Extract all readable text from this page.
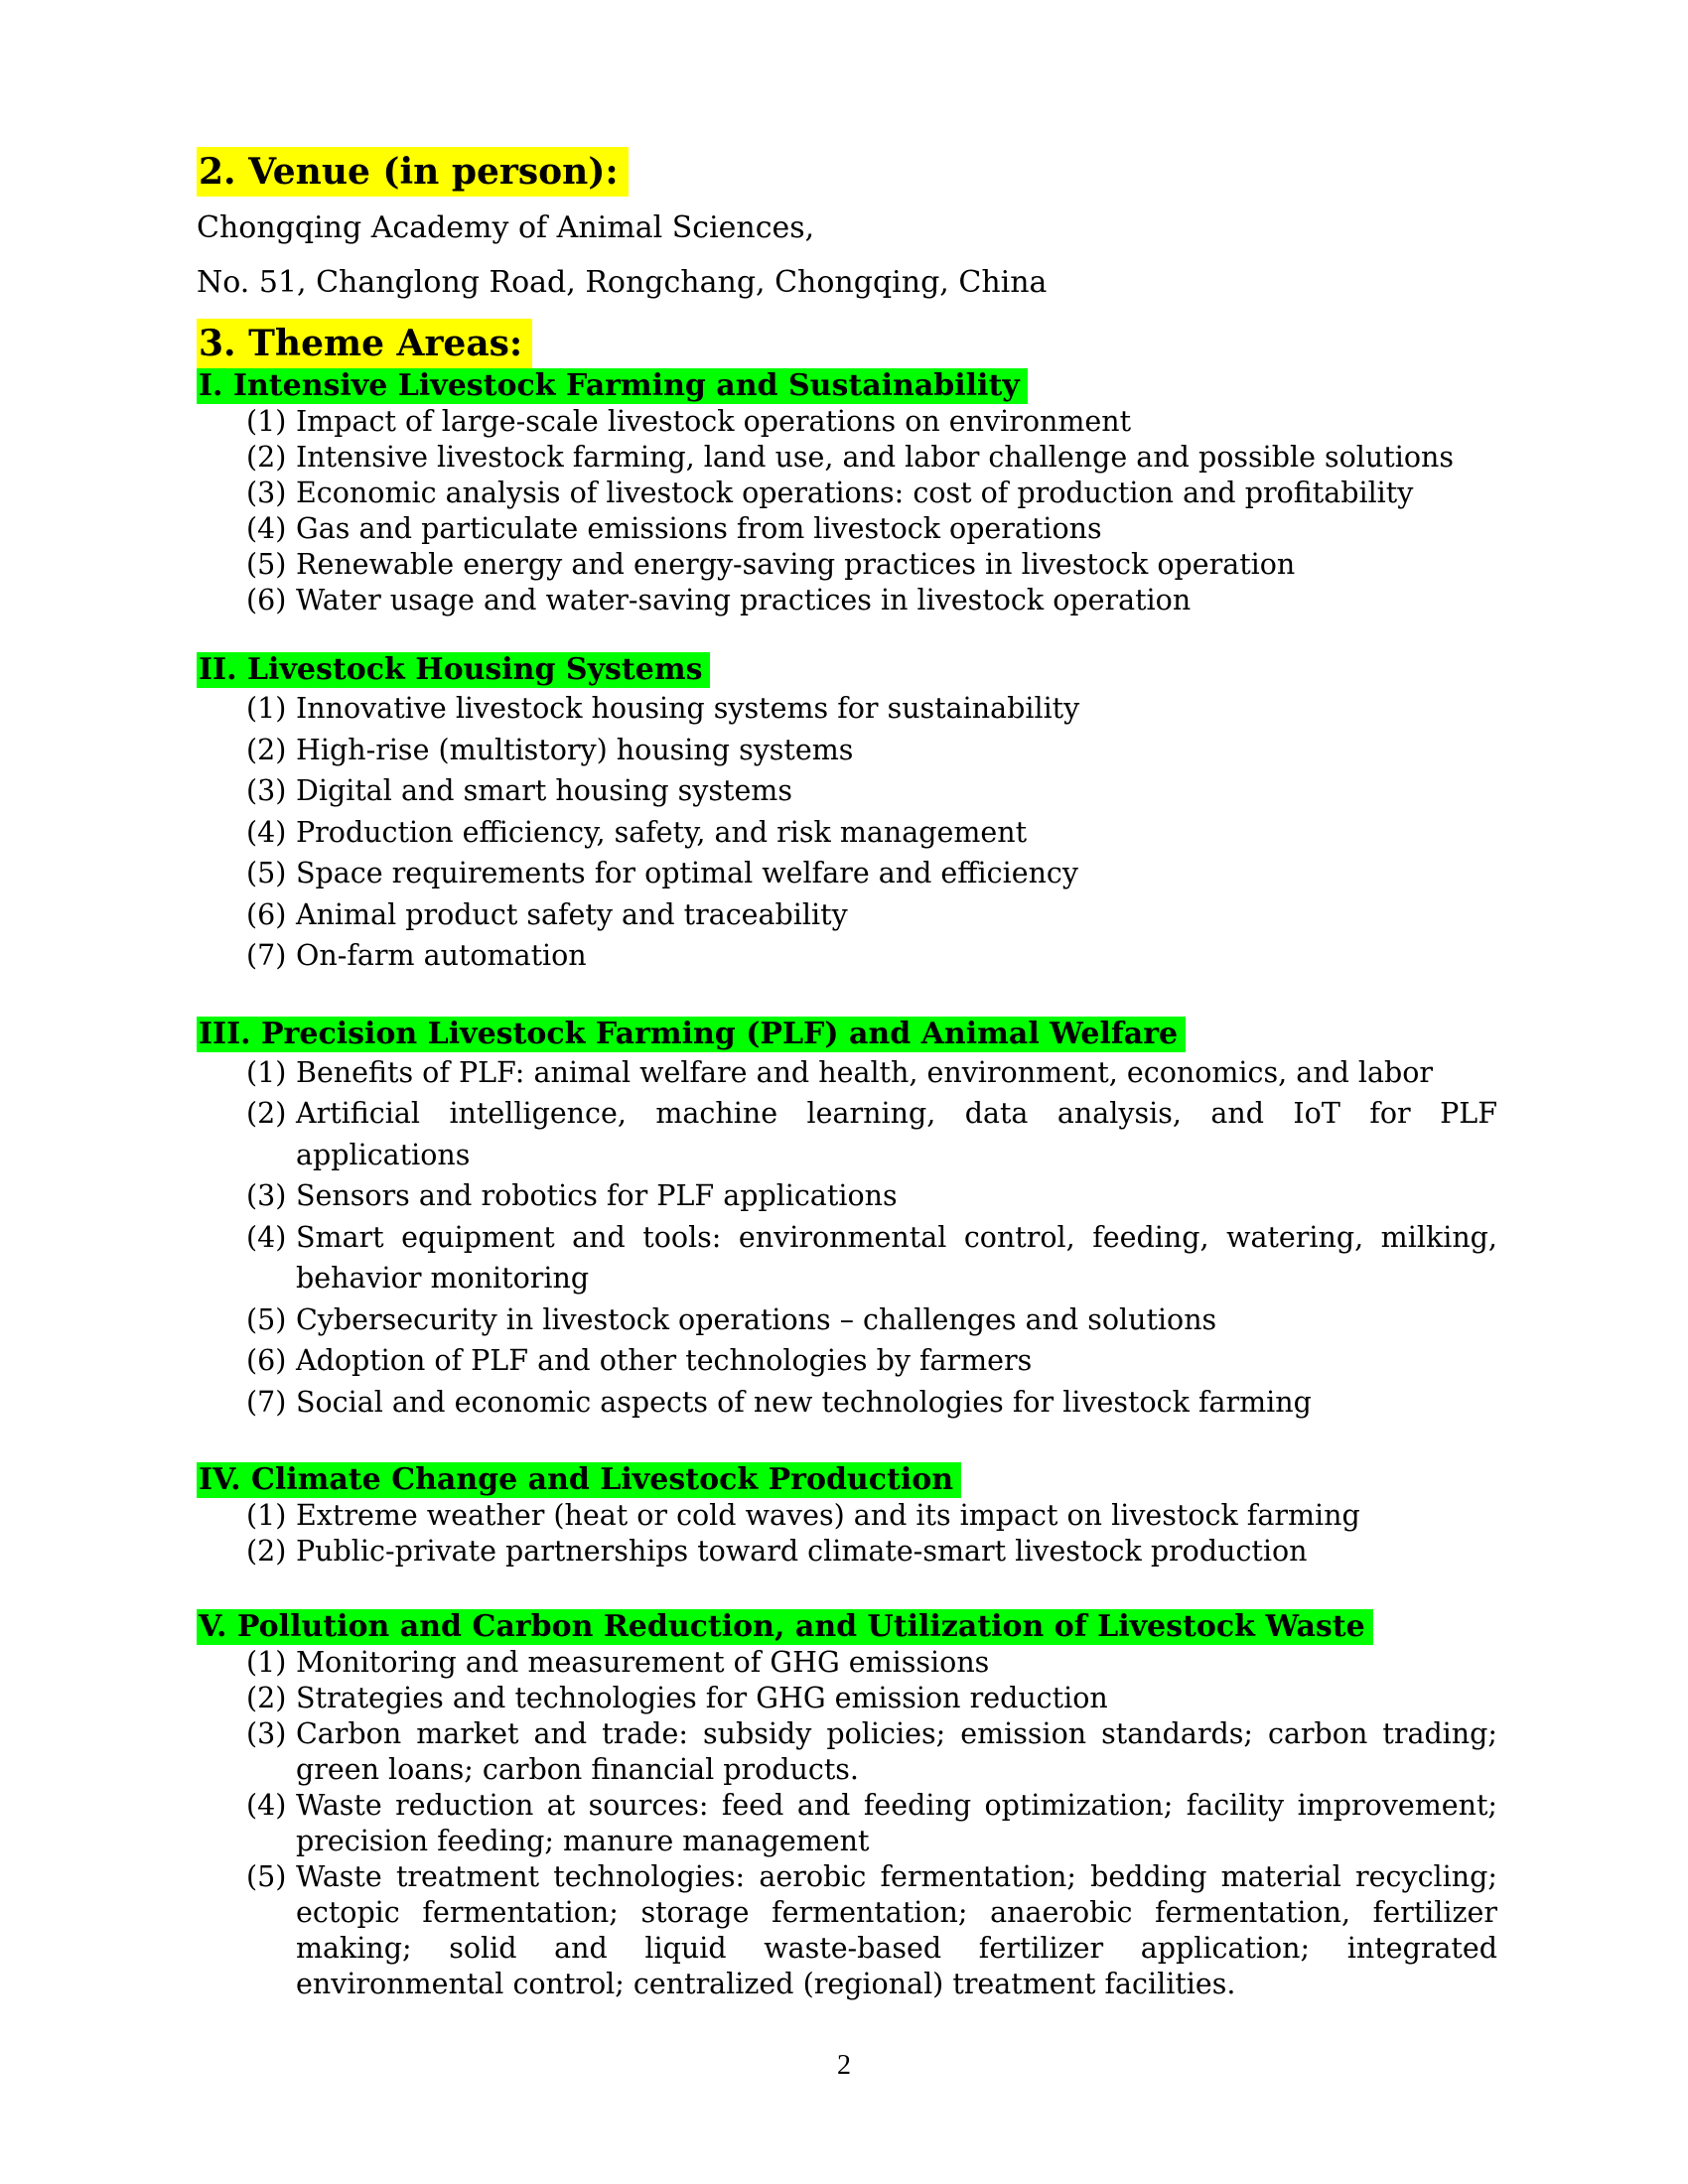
2. Venue (in person):

Chongqing Academy of Animal Sciences,

No. 51, Changlong Road, Rongchang, Chongqing, China

3. Theme Areas:
I. Intensive Livestock Farming and Sustainability
(1) Impact of large-scale livestock operations on environment
(2) Intensive livestock farming, land use, and labor challenge and possible solutions
(3) Economic analysis of livestock operations: cost of production and profitability
(4) Gas and particulate emissions from livestock operations
(5) Renewable energy and energy-saving practices in livestock operation
(6) Water usage and water-saving practices in livestock operation
II. Livestock Housing Systems
(1) Innovative livestock housing systems for sustainability
(2) High-rise (multistory) housing systems
(3) Digital and smart housing systems
(4) Production efficiency, safety, and risk management
(5) Space requirements for optimal welfare and efficiency
(6) Animal product safety and traceability
(7) On-farm automation
III. Precision Livestock Farming (PLF) and Animal Welfare
(1) Benefits of PLF: animal welfare and health, environment, economics, and labor
(2) Artificial intelligence, machine learning, data analysis, and IoT for PLF applications
(3) Sensors and robotics for PLF applications
(4) Smart equipment and tools: environmental control, feeding, watering, milking, behavior monitoring
(5) Cybersecurity in livestock operations – challenges and solutions
(6) Adoption of PLF and other technologies by farmers
(7) Social and economic aspects of new technologies for livestock farming
IV. Climate Change and Livestock Production
(1) Extreme weather (heat or cold waves) and its impact on livestock farming
(2) Public-private partnerships toward climate-smart livestock production
V. Pollution and Carbon Reduction, and Utilization of Livestock Waste
(1) Monitoring and measurement of GHG emissions
(2) Strategies and technologies for GHG emission reduction
(3) Carbon market and trade: subsidy policies; emission standards; carbon trading; green loans; carbon financial products.
(4) Waste reduction at sources: feed and feeding optimization; facility improvement; precision feeding; manure management
(5) Waste treatment technologies: aerobic fermentation; bedding material recycling; ectopic fermentation; storage fermentation; anaerobic fermentation, fertilizer making; solid and liquid waste-based fertilizer application; integrated environmental control; centralized (regional) treatment facilities.
2
